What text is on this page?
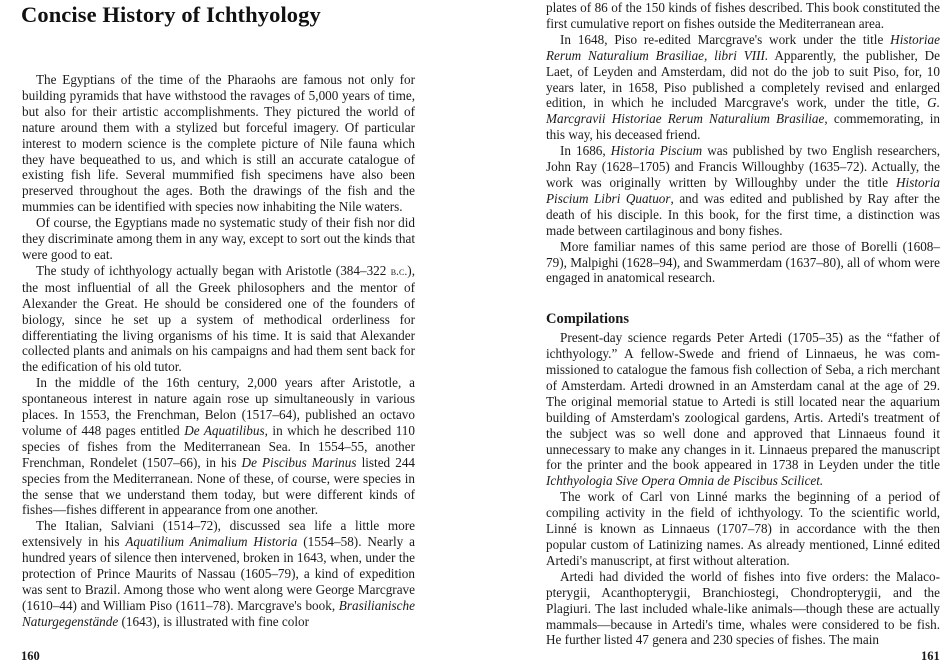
Concise History of Ichthyology

The Egyptians of the time of the Pharaohs are famous not only for building pyramids that have withstood the ravages of 5,000 years of time, but also for their artistic accomplishments. They pictured the world of nature around them with a stylized but forceful imagery. Of particular interest to modern science is the complete picture of Nile fauna which they have bequeathed to us, and which is still an accurate catalogue of existing fish life. Several mummified fish specimens have also been preserved throughout the ages. Both the drawings of the fish and the mummies can be identified with species now inhabiting the Nile waters.

Of course, the Egyptians made no systematic study of their fish nor did they discriminate among them in any way, except to sort out the kinds that were good to eat.

The study of ichthyology actually began with Aristotle (384–322 b.c.), the most influential of all the Greek philosophers and the mentor of Alexander the Great. He should be considered one of the founders of biology, since he set up a system of methodical orderliness for differentiating the living organisms of his time. It is said that Alexander collected plants and animals on his campaigns and had them sent back for the edification of his old tutor.

In the middle of the 16th century, 2,000 years after Aristotle, a spontaneous interest in nature again rose up simultaneously in various places. In 1553, the Frenchman, Belon (1517–64), published an octavo volume of 448 pages entitled De Aquatilibus, in which he described 110 species of fishes from the Mediterranean Sea. In 1554–55, another Frenchman, Rondelet (1507–66), in his De Piscibus Marinus listed 244 species from the Mediterranean. None of these, of course, were species in the sense that we understand them today, but were different kinds of fishes—fishes different in appearance from one another.

The Italian, Salviani (1514–72), discussed sea life a little more extensively in his Aquatilium Animalium Historia (1554–58). Nearly a hundred years of silence then intervened, broken in 1643, when, under the protection of Prince Maurits of Nassau (1605–79), a kind of expedition was sent to Brazil. Among those who went along were George Marcgrave (1610–44) and William Piso (1611–78). Marcgrave's book, Brasilianische Naturgegenstände (1643), is illustrated with fine color

160

plates of 86 of the 150 kinds of fishes described. This book constituted the first cumulative report on fishes outside the Mediterranean area.

In 1648, Piso re-edited Marcgrave's work under the title Historiae Rerum Naturalium Brasiliae, libri VIII. Apparently, the publisher, De Laet, of Leyden and Amsterdam, did not do the job to suit Piso, for, 10 years later, in 1658, Piso published a completely revised and enlarged edition, in which he included Marcgrave's work, under the title, G. Marcgravii Historiae Rerum Naturalium Brasiliae, commemorating, in this way, his deceased friend.

In 1686, Historia Piscium was published by two English researchers, John Ray (1628–1705) and Francis Willoughby (1635–72). Actually, the work was originally written by Willoughby under the title Historia Piscium Libri Quatuor, and was edited and published by Ray after the death of his disciple. In this book, for the first time, a distinction was made between cartilaginous and bony fishes.

More familiar names of this same period are those of Borelli (1608–79), Malpighi (1628–94), and Swammerdam (1637–80), all of whom were engaged in anatomical research.

Compilations

Present-day science regards Peter Artedi (1705–35) as the “father of ichthyology.” A fellow-Swede and friend of Linnaeus, he was commissioned to catalogue the famous fish collection of Seba, a rich merchant of Amsterdam. Artedi drowned in an Amsterdam canal at the age of 29. The original memorial statue to Artedi is still located near the aquarium building of Amsterdam's zoological gardens, Artis. Artedi's treatment of the subject was so well done and approved that Linnaeus found it unnecessary to make any changes in it. Linnaeus prepared the manuscript for the printer and the book appeared in 1738 in Leyden under the title Ichthyologia Sive Opera Omnia de Piscibus Scilicet.

The work of Carl von Linné marks the beginning of a period of compiling activity in the field of ichthyology. To the scientific world, Linné is known as Linnaeus (1707–78) in accordance with the then popular custom of Latinizing names. As already mentioned, Linné edited Artedi's manuscript, at first without alteration.

Artedi had divided the world of fishes into five orders: the Malacopterygii, Acanthopterygii, Branchiostegi, Chondropterygii, and the Plagiuri. The last included whale-like animals—though these are actually mammals—because in Artedi's time, whales were considered to be fish. He further listed 47 genera and 230 species of fishes. The main

161
